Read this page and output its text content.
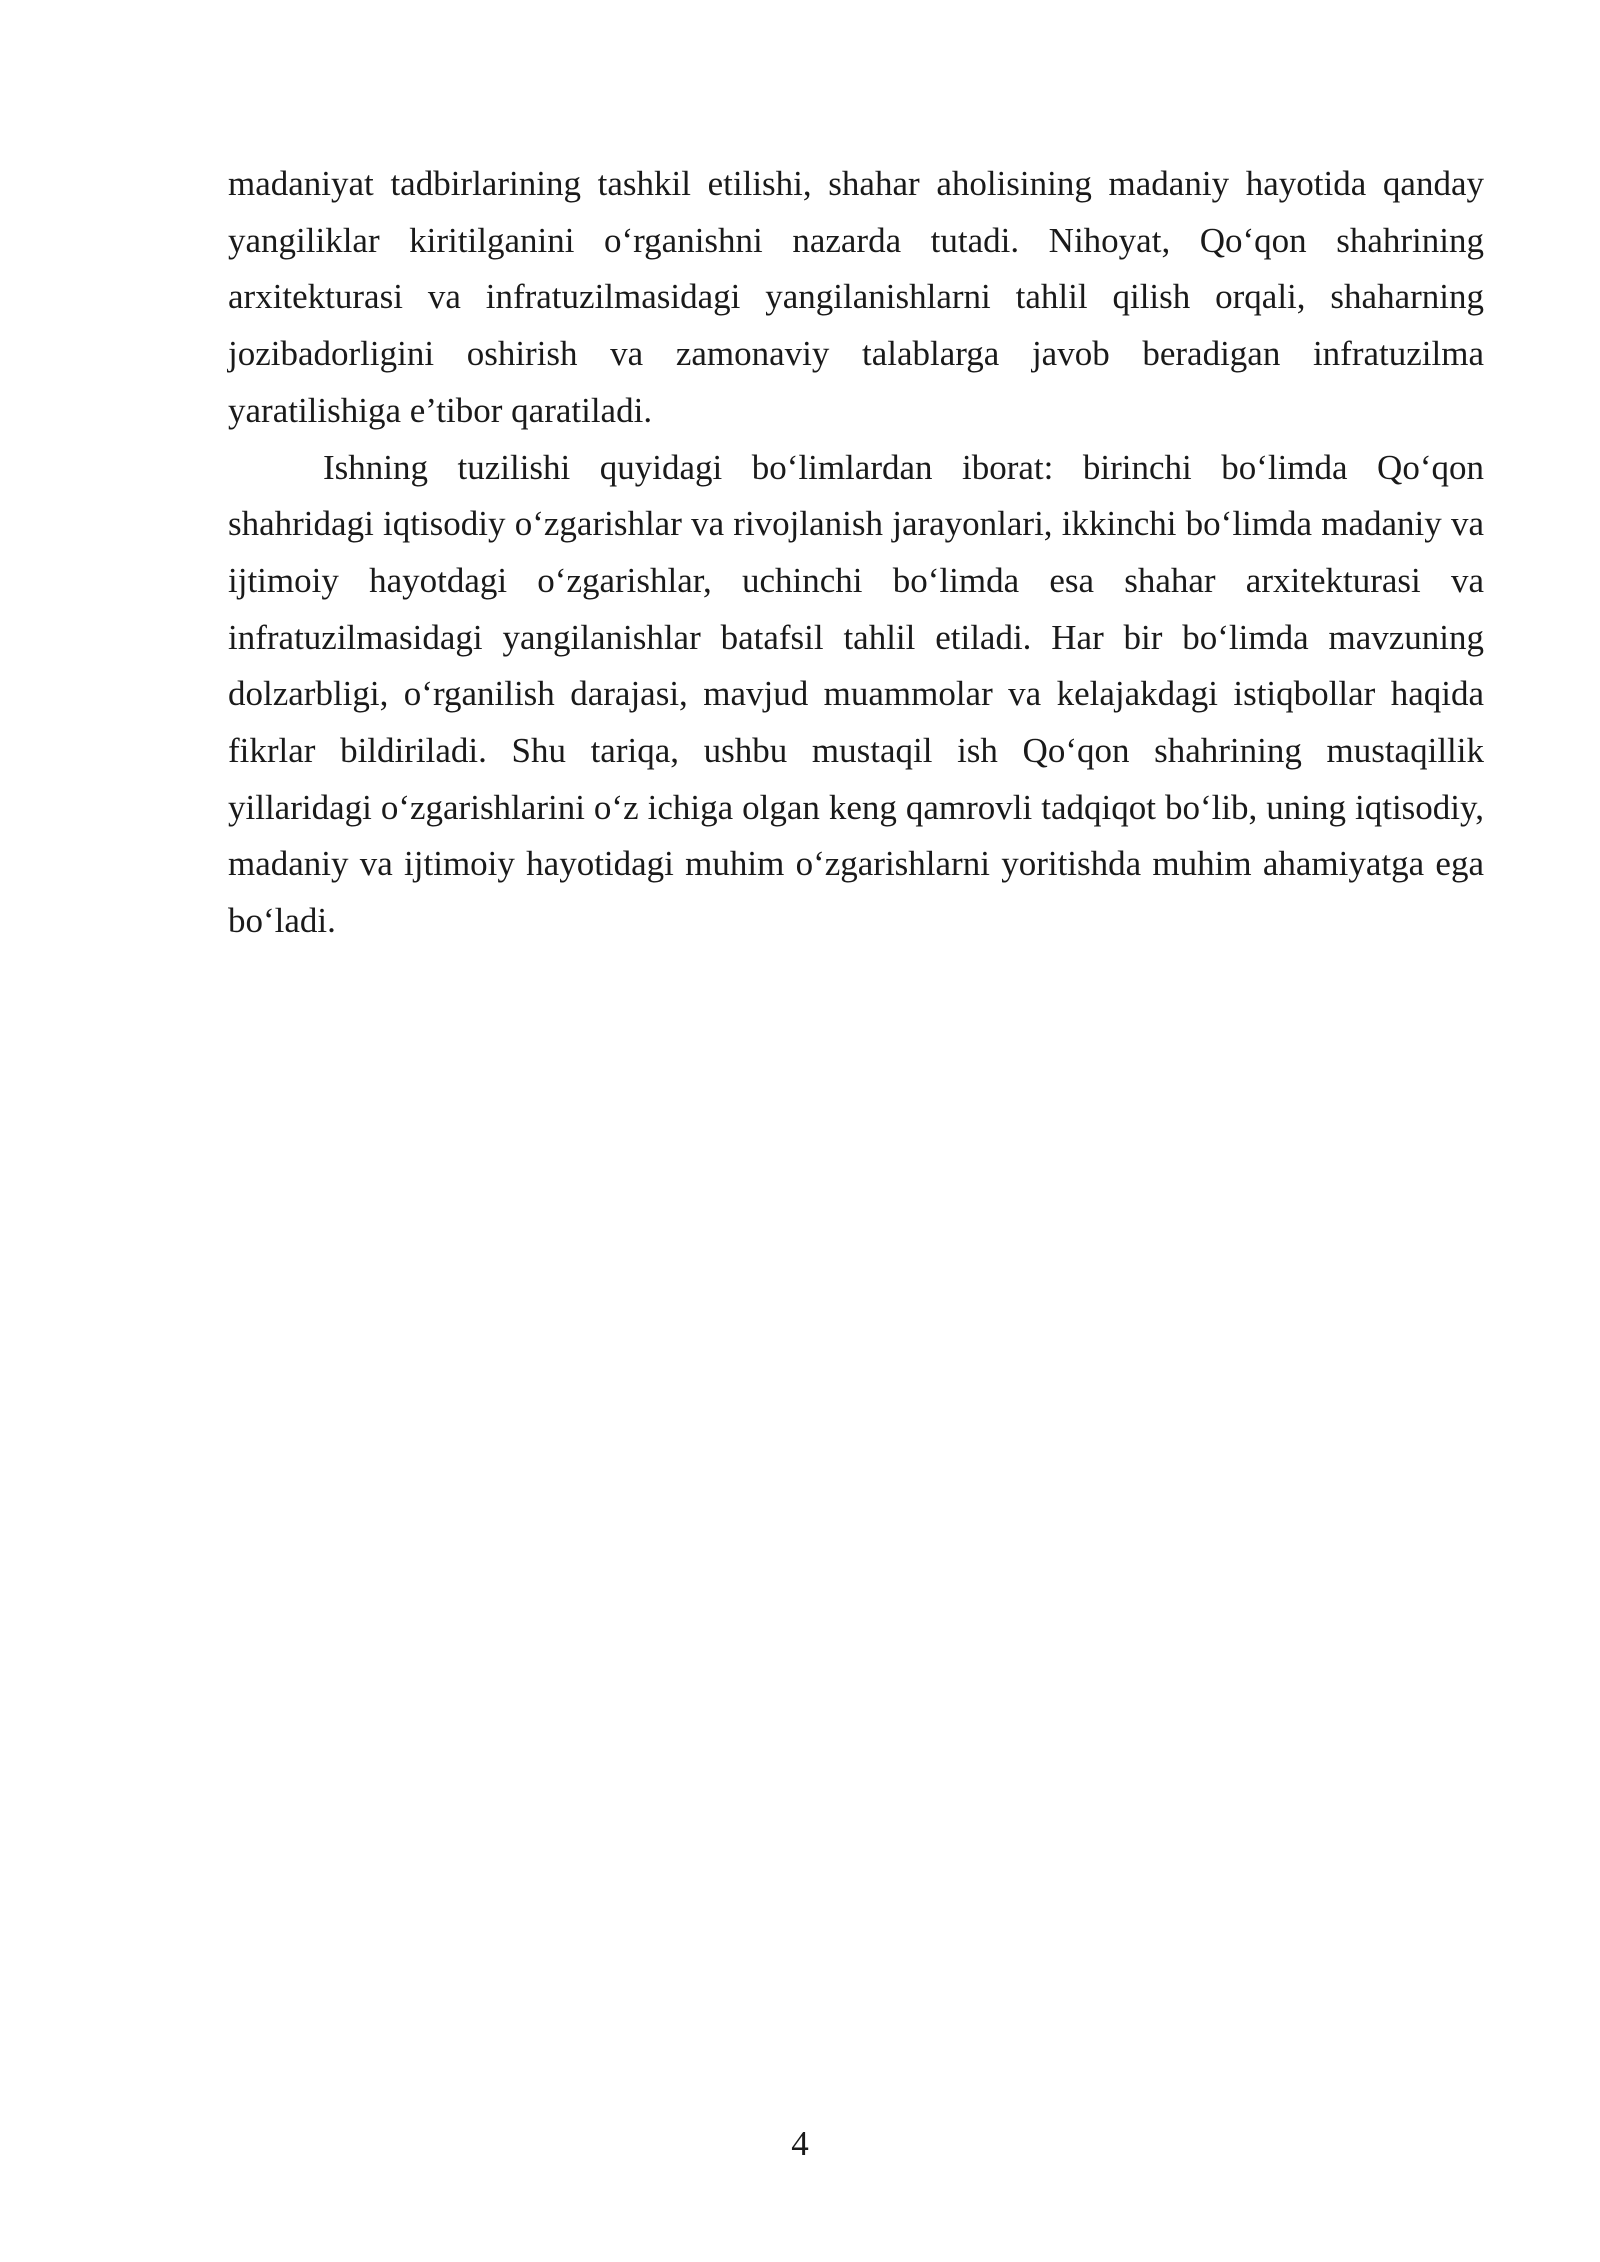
madaniyat tadbirlarining tashkil etilishi, shahar aholisining madaniy hayotida qanday yangiliklar kiritilganini o‘rganishni nazarda tutadi. Nihoyat, Qo‘qon shahrining arxitekturasi va infratuzilmasidagi yangilanishlarni tahlil qilish orqali, shaharning jozibadorligini oshirish va zamonaviy talablarga javob beradigan infratuzilma yaratilishiga e’tibor qaratiladi.

Ishning tuzilishi quyidagi bo‘limlardan iborat: birinchi bo‘limda Qo‘qon shahridagi iqtisodiy o‘zgarishlar va rivojlanish jarayonlari, ikkinchi bo‘limda madaniy va ijtimoiy hayotdagi o‘zgarishlar, uchinchi bo‘limda esa shahar arxitekturasi va infratuzilmasidagi yangilanishlar batafsil tahlil etiladi. Har bir bo‘limda mavzuning dolzarbligi, o‘rganilish darajasi, mavjud muammolar va kelajakdagi istiqbollar haqida fikrlar bildiriladi. Shu tariqa, ushbu mustaqil ish Qo‘qon shahrining mustaqillik yillaridagi o‘zgarishlarini o‘z ichiga olgan keng qamrovli tadqiqot bo‘lib, uning iqtisodiy, madaniy va ijtimoiy hayotidagi muhim o‘zgarishlarni yoritishda muhim ahamiyatga ega bo‘ladi.

4
